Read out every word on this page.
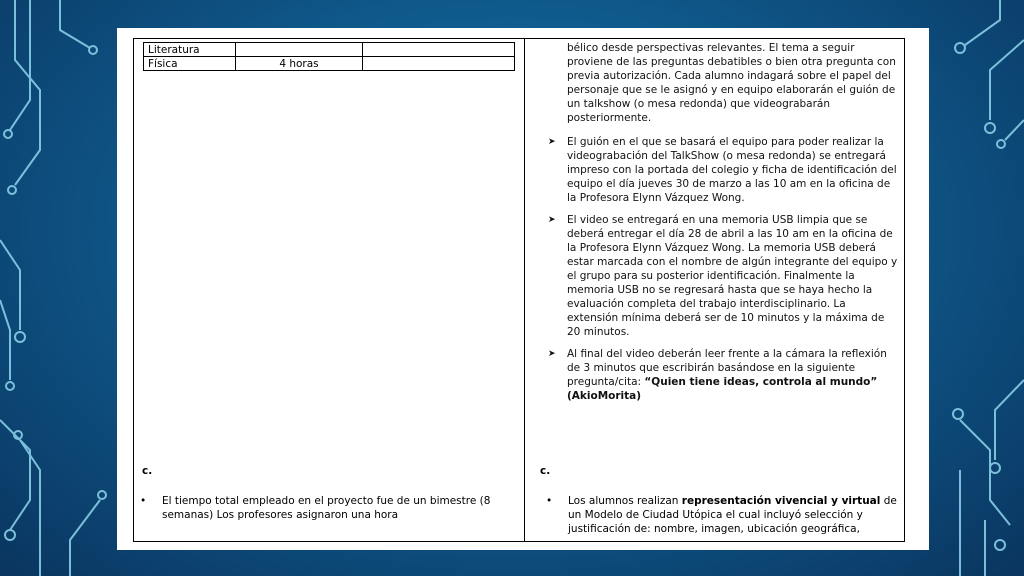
Literatura		
Física	4 horas	
c.
• El tiempo total empleado en el proyecto fue de un bimestre (8 semanas) Los profesores asignaron una hora
bélico desde perspectivas relevantes. El tema a seguir proviene de las preguntas debatibles o bien otra pregunta con previa autorización. Cada alumno indagará sobre el papel del personaje que se le asignó y en equipo elaborarán el guión de un talkshow (o mesa redonda) que videograbarán posteriormente.
➤ El guión en el que se basará el equipo para poder realizar la videograbación del TalkShow (o mesa redonda) se entregará impreso con la portada del colegio y ficha de identificación del equipo el día jueves 30 de marzo a las 10 am en la oficina de la Profesora Elynn Vázquez Wong.
➤ El video se entregará en una memoria USB limpia que se deberá entregar el día 28 de abril a las 10 am en la oficina de la Profesora Elynn Vázquez Wong. La memoria USB deberá estar marcada con el nombre de algún integrante del equipo y el grupo para su posterior identificación. Finalmente la memoria USB no se regresará hasta que se haya hecho la evaluación completa del trabajo interdisciplinario. La extensión mínima deberá ser de 10 minutos y la máxima de 20 minutos.
➤ Al final del video deberán leer frente a la cámara la reflexión de 3 minutos que escribirán basándose en la siguiente pregunta/cita: “Quien tiene ideas, controla al mundo” (AkioMorita)
c.
• Los alumnos realizan representación vivencial y virtual de un Modelo de Ciudad Utópica el cual incluyó selección y justificación de: nombre, imagen, ubicación geográfica,
